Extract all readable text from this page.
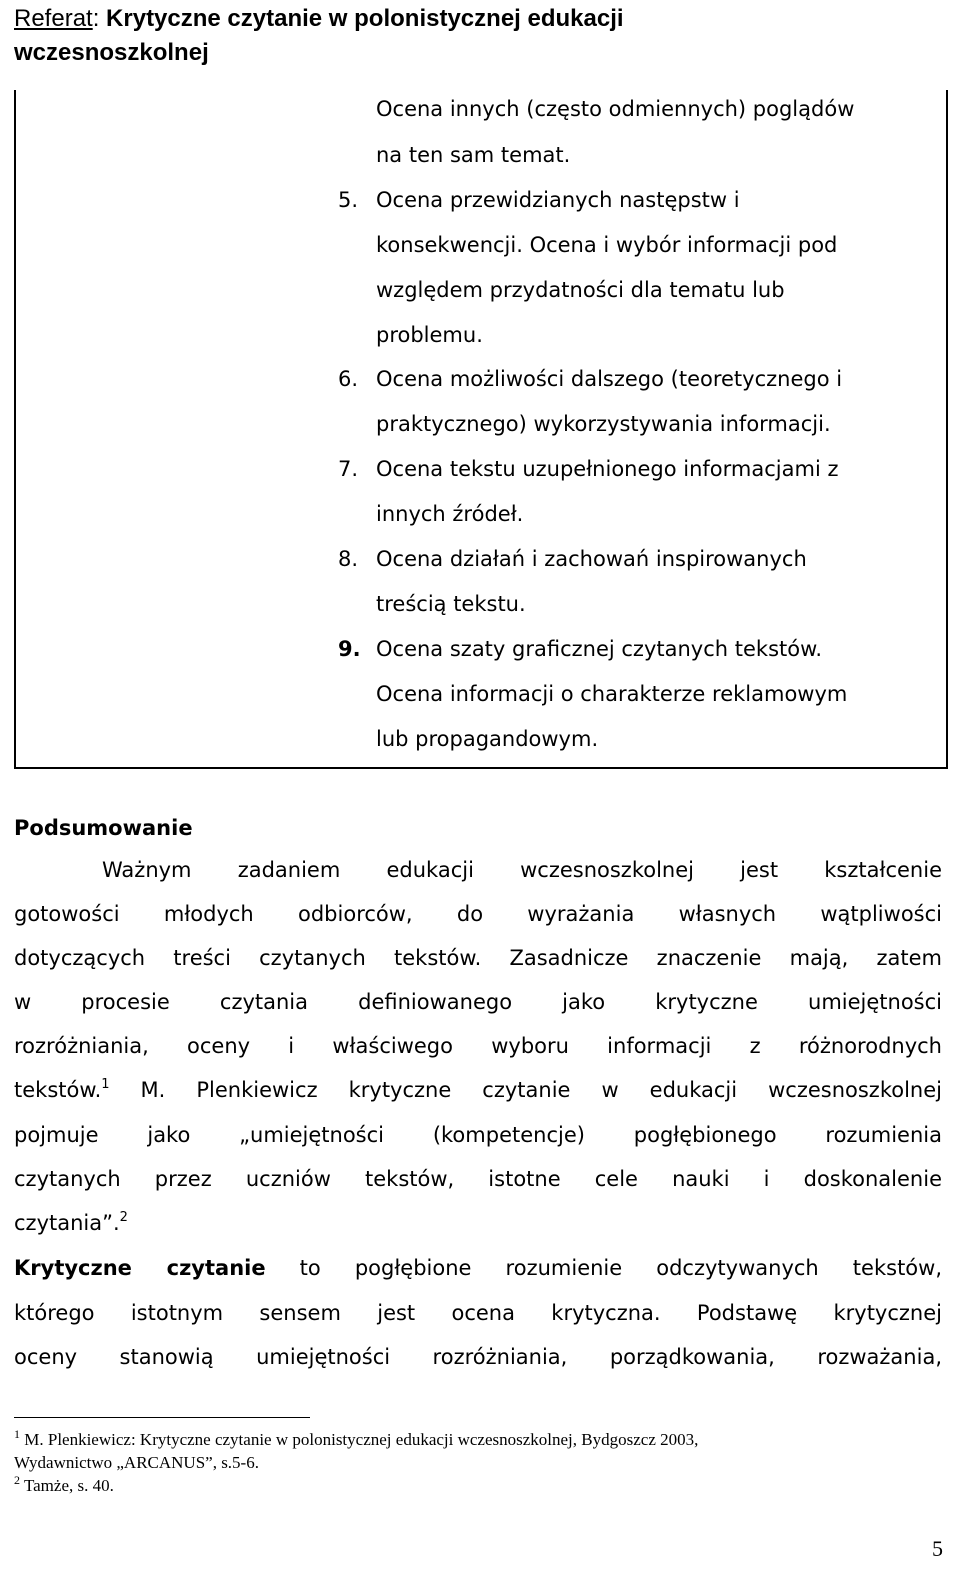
Referat: Krytyczne czytanie w polonistycznej edukacji
wczesnoszkolnej
Ocena innych (często odmiennych) poglądów
na ten sam temat.
5. Ocena przewidzianych następstw i
konsekwencji. Ocena i wybór informacji pod
względem przydatności dla tematu lub
problemu.
6. Ocena możliwości dalszego (teoretycznego i
praktycznego) wykorzystywania informacji.
7. Ocena tekstu uzupełnionego informacjami z
innych źródeł.
8. Ocena działań i zachowań inspirowanych
treścią tekstu.
9. Ocena szaty graficznej czytanych tekstów.
Ocena informacji o charakterze reklamowym
lub propagandowym.
Podsumowanie
Ważnym zadaniem edukacji wczesnoszkolnej jest kształcenie
gotowości młodych odbiorców, do wyrażania własnych wątpliwości
dotyczących treści czytanych tekstów. Zasadnicze znaczenie mają, zatem
w procesie czytania definiowanego jako krytyczne umiejętności
rozróżniania, oceny i właściwego wyboru informacji z różnorodnych
tekstów.$^1$ M. Plenkiewicz krytyczne czytanie w edukacji wczesnoszkolnej
pojmuje jako „umiejętności (kompetencje) pogłębionego rozumienia
czytanych przez uczniów tekstów, istotne cele nauki i doskonalenie
czytania”.$^2$
Krytyczne czytanie to pogłębione rozumienie odczytywanych tekstów,
którego istotnym sensem jest ocena krytyczna. Podstawę krytycznej
oceny stanowią umiejętności rozróżniania, porządkowania, rozważania,
$^1$ M. Plenkiewicz: Krytyczne czytanie w polonistycznej edukacji wczesnoszkolnej, Bydgoszcz 2003,
Wydawnictwo „ARCANUS”, s.5-6.
$^2$ Tamże, s. 40.
5
